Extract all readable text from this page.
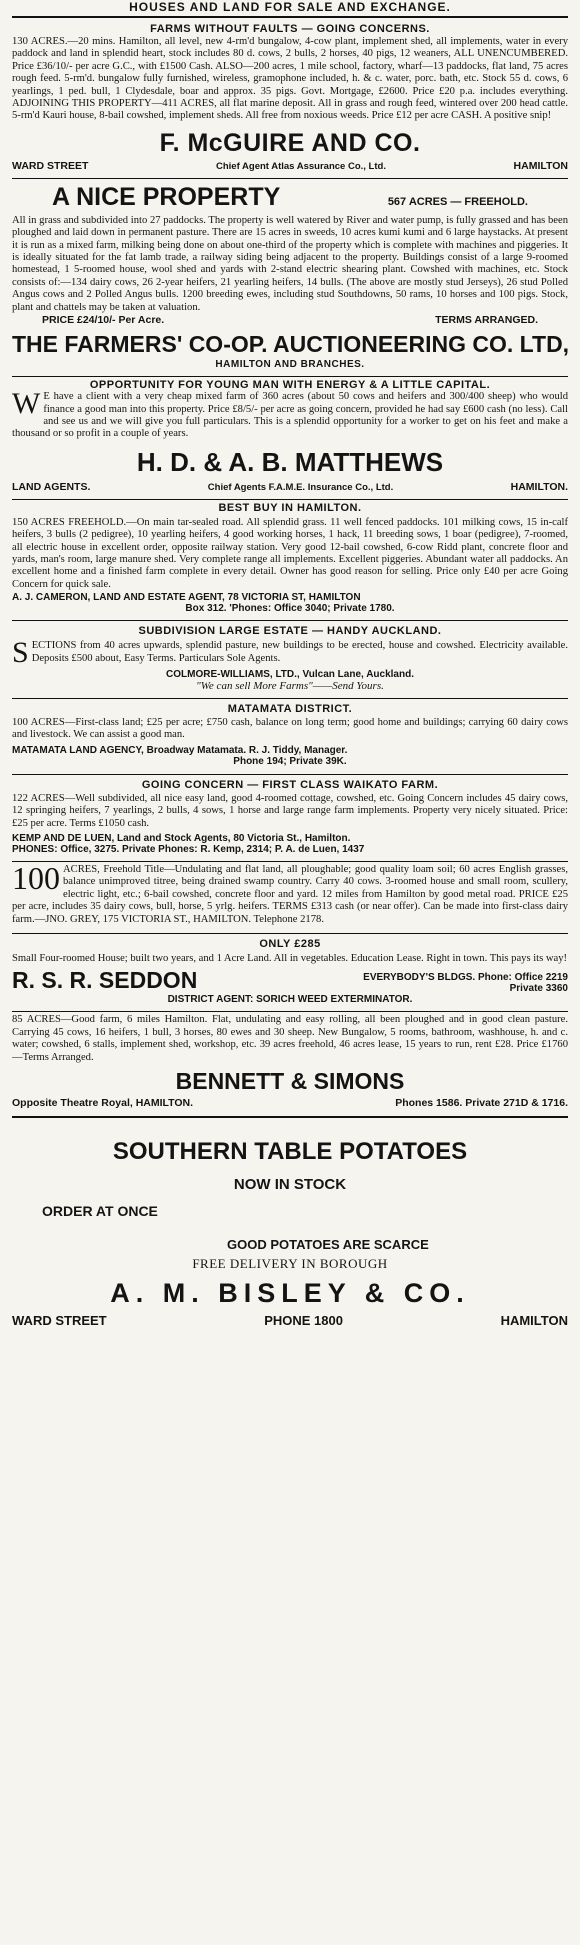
HOUSES AND LAND FOR SALE AND EXCHANGE.
FARMS WITHOUT FAULTS — GOING CONCERNS.

130 ACRES.—20 mins. Hamilton, all level, new 4-rm'd bungalow, 4-cow plant, implement shed, all implements, water in every paddock and land in splendid heart, stock includes 80 d. cows, 2 bulls, 2 horses, 40 pigs, 12 weaners, ALL UNENCUMBERED. Price £36/10/- per acre G.C., with £1500 Cash. ALSO—200 acres, 1 mile school, factory, wharf—13 paddocks, flat land, 75 acres rough feed. 5-rm'd. bungalow fully furnished, wireless, gramophone included, h. & c. water, porc. bath, etc. Stock 55 d. cows, 6 yearlings, 1 ped. bull, 1 Clydesdale, boar and approx. 35 pigs. Govt. Mortgage, £2600. Price £20 p.a. includes everything. ADJOINING THIS PROPERTY—411 ACRES, all flat marine deposit. All in grass and rough feed, wintered over 200 head cattle. 5-rm'd Kauri house, 8-bail cowshed, implement sheds. All free from noxious weeds. Price £12 per acre CASH. A positive snip!

F. McGUIRE AND CO.
WARD STREET	Chief Agent Atlas Assurance Co., Ltd.	HAMILTON
A NICE PROPERTY	567 ACRES — FREEHOLD.

All in grass and subdivided into 27 paddocks. The property is well watered by River and water pump, is fully grassed and has been ploughed and laid down in permanent pasture. There are 15 acres in sweeds, 10 acres kumi kumi and 6 large haystacks. At present it is run as a mixed farm, milking being done on about one-third of the property which is complete with machines and piggeries. It is ideally situated for the fat lamb trade, a railway siding being adjacent to the property. Buildings consist of a large 9-roomed homestead, 1 5-roomed house, wool shed and yards with 2-stand electric shearing plant. Cowshed with machines, etc. Stock consists of:—134 dairy cows, 26 2-year heifers, 21 yearling heifers, 14 bulls. (The above are mostly stud Jerseys), 26 stud Polled Angus cows and 2 Polled Angus bulls. 1200 breeding ewes, including stud Southdowns, 50 rams, 10 horses and 100 pigs. Stock, plant and chattels may be taken at valuation.

PRICE £24/10/- Per Acre.	TERMS ARRANGED.
THE FARMERS' CO-OP. AUCTIONEERING CO. LTD,
HAMILTON AND BRANCHES.
OPPORTUNITY FOR YOUNG MAN WITH ENERGY & A LITTLE CAPITAL.

W E have a client with a very cheap mixed farm of 360 acres (about 50 cows and heifers and 300/400 sheep) who would finance a good man into this property. Price £8/5/- per acre as going concern, provided he had say £600 cash (no less). Call and see us and we will give you full particulars. This is a splendid opportunity for a worker to get on his feet and make a thousand or so profit in a couple of years.

H. D. & A. B. MATTHEWS
LAND AGENTS.	Chief Agents F.A.M.E. Insurance Co., Ltd.	HAMILTON.
BEST BUY IN HAMILTON.

150 ACRES FREEHOLD.—On main tar-sealed road. All splendid grass. 11 well fenced paddocks. 101 milking cows, 15 in-calf heifers, 3 bulls (2 pedigree), 10 yearling heifers, 4 good working horses, 1 hack, 11 breeding sows, 1 boar (pedigree), 7-roomed, all electric house in excellent order, opposite railway station. Very good 12-bail cowshed, 6-cow Ridd plant, concrete floor and yards, man's room, large manure shed. Very complete range all implements. Excellent piggeries. Abundant water all paddocks. An excellent home and a finished farm complete in every detail. Owner has good reason for selling. Price only £40 per acre Going Concern for quick sale.

A. J. CAMERON, LAND AND ESTATE AGENT, 78 VICTORIA ST, HAMILTON
Box 312. 'Phones: Office 3040; Private 1780.
SUBDIVISION LARGE ESTATE — HANDY AUCKLAND.

SECTIONS from 40 acres upwards, splendid pasture, new buildings to be erected, house and cowshed. Electricity available. Deposits £500 about, Easy Terms. Particulars Sole Agents.

COLMORE-WILLIAMS, LTD., Vulcan Lane, Auckland.
"We can sell More Farms"——Send Yours.
MATAMATA DISTRICT.

100 ACRES—First-class land; £25 per acre; £750 cash, balance on long term; good home and buildings; carrying 60 dairy cows and livestock. We can assist a good man.

MATAMATA LAND AGENCY, Broadway Matamata. R. J. Tiddy, Manager.
Phone 194; Private 39K.
GOING CONCERN — FIRST CLASS WAIKATO FARM.

122 ACRES—Well subdivided, all nice easy land, good 4-roomed cottage, cowshed, etc. Going Concern includes 45 dairy cows, 12 springing heifers, 7 yearlings, 2 bulls, 4 sows, 1 horse and large range farm implements. Property very nicely situated. Price: £25 per acre. Terms £1050 cash.

KEMP AND DE LUEN, Land and Stock Agents, 80 Victoria St., Hamilton.
PHONES: Office, 3275. Private Phones: R. Kemp, 2314; P. A. de Luen, 1437

100 ACRES, Freehold Title—Undulating and flat land, all ploughable; good quality loam soil; 60 acres English grasses, balance unimproved titree, being drained swamp country. Carry 40 cows. 3-roomed house and small room, scullery, electric light, etc.; 6-bail cowshed, concrete floor and yard. 12 miles from Hamilton by good metal road. PRICE £25 per acre, includes 35 dairy cows, bull, horse, 5 yrlg. heifers. TERMS £313 cash (or near offer). Can be made into first-class dairy farm.—JNO. GREY, 175 VICTORIA ST., HAMILTON. Telephone 2178.

ONLY £285

Small Four-roomed House; built two years, and 1 Acre Land. All in vegetables. Education Lease. Right in town. This pays its way!

R. S. R. SEDDON	EVERYBODY'S BLDGS. Phone: Office 2219
Private 3360
DISTRICT AGENT: SORICH WEED EXTERMINATOR.

85 ACRES—Good farm, 6 miles Hamilton. Flat, undulating and easy rolling, all been ploughed and in good clean pasture. Carrying 45 cows, 16 heifers, 1 bull, 3 horses, 80 ewes and 30 sheep. New Bungalow, 5 rooms, bathroom, washhouse, h. and c. water; cowshed, 6 stalls, implement shed, workshop, etc. 39 acres freehold, 46 acres lease, 15 years to run, rent £28. Price £1760—Terms Arranged.

BENNETT & SIMONS
Opposite Theatre Royal, HAMILTON.	Phones 1586. Private 271D & 1716.
SOUTHERN TABLE POTATOES
NOW IN STOCK
ORDER AT ONCE
GOOD POTATOES ARE SCARCE
FREE DELIVERY IN BOROUGH
A. M. BISLEY & CO.
WARD STREET	PHONE 1800	HAMILTON
